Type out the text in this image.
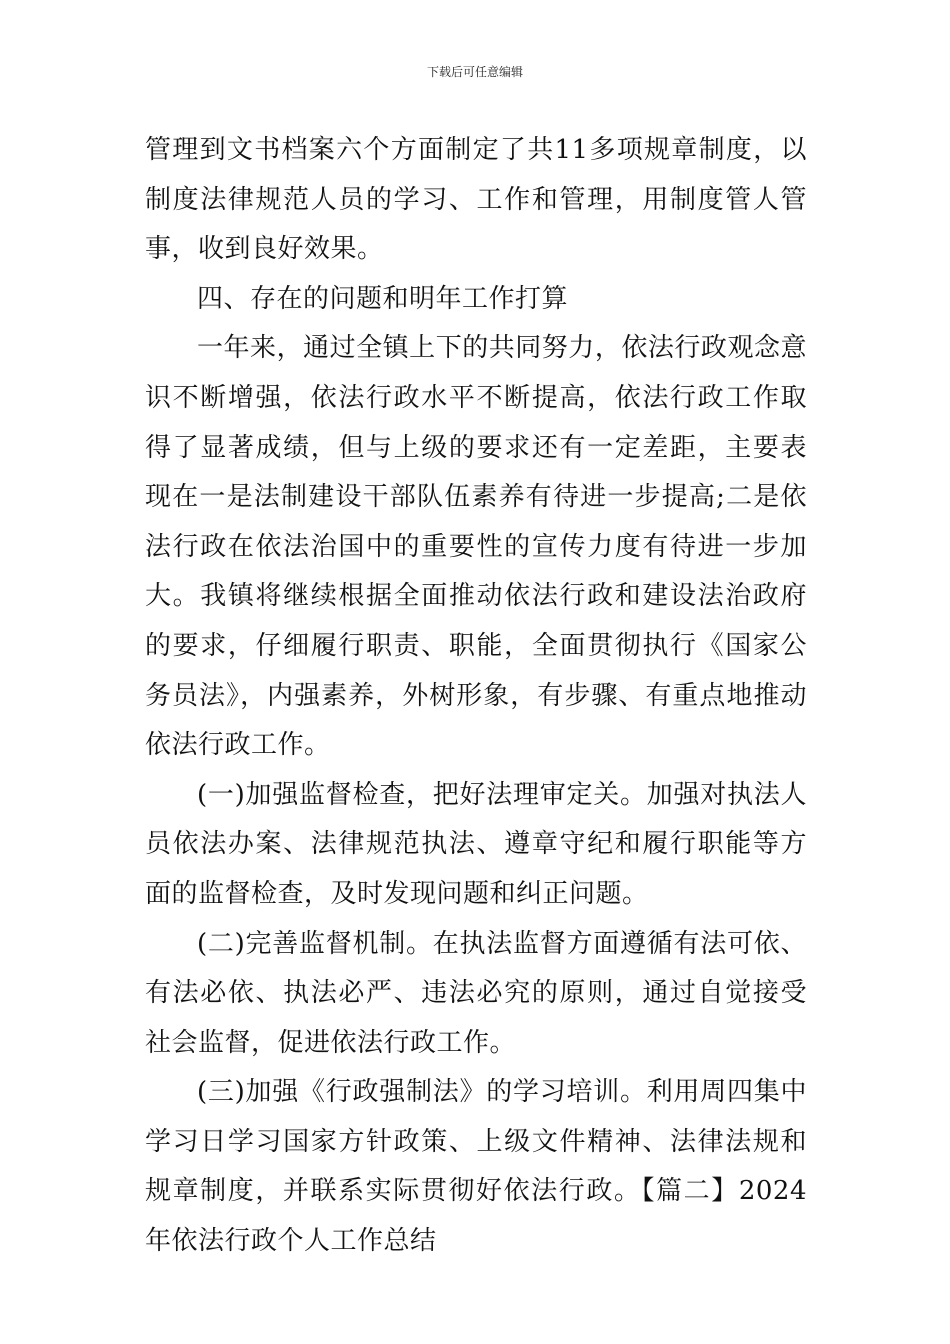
下载后可任意编辑

管理到文书档案六个方面制定了共11多项规章制度，以制度法律规范人员的学习、工作和管理，用制度管人管事，收到良好效果。

四、存在的问题和明年工作打算

一年来，通过全镇上下的共同努力，依法行政观念意识不断增强，依法行政水平不断提高，依法行政工作取得了显著成绩，但与上级的要求还有一定差距，主要表现在一是法制建设干部队伍素养有待进一步提高;二是依法行政在依法治国中的重要性的宣传力度有待进一步加大。我镇将继续根据全面推动依法行政和建设法治政府的要求，仔细履行职责、职能，全面贯彻执行《国家公务员法》，内强素养，外树形象，有步骤、有重点地推动依法行政工作。

(一)加强监督检查，把好法理审定关。加强对执法人员依法办案、法律规范执法、遵章守纪和履行职能等方面的监督检查，及时发现问题和纠正问题。

(二)完善监督机制。在执法监督方面遵循有法可依、有法必依、执法必严、违法必究的原则，通过自觉接受社会监督，促进依法行政工作。

(三)加强《行政强制法》的学习培训。利用周四集中学习日学习国家方针政策、上级文件精神、法律法规和规章制度，并联系实际贯彻好依法行政。【篇二】2024年依法行政个人工作总结
